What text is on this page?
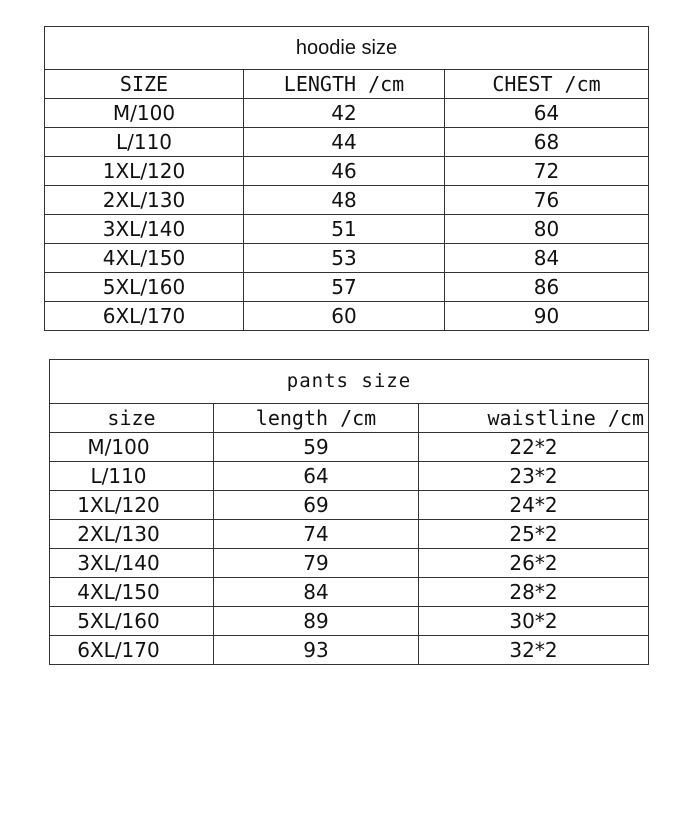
hoodie size		
SIZE	LENGTH /cm	CHEST /cm
M/100	42	64
L/110	44	68
1XL/120	46	72
2XL/130	48	76
3XL/140	51	80
4XL/150	53	84
5XL/160	57	86
6XL/170	60	90
pants size		
size	length /cm	waistline /cm
M/100	59	22*2
L/110	64	23*2
1XL/120	69	24*2
2XL/130	74	25*2
3XL/140	79	26*2
4XL/150	84	28*2
5XL/160	89	30*2
6XL/170	93	32*2
